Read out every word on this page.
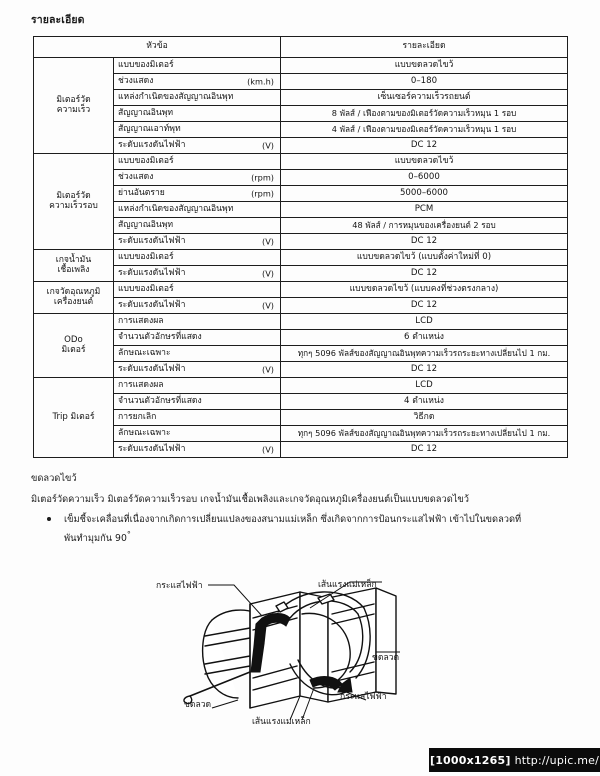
รายละเอียด
หัวข้อ		รายละเอียด
มิเตอร์วัด
ความเร็ว	แบบของมิเตอร์	แบบขดลวดไขว้
	ช่วงแสดง (km.h)	0–180
	แหล่งกำเนิดของสัญญาณอินพุท	เซ็นเซอร์ความเร็วรถยนต์
	สัญญาณอินพุท	8 พัลส์ / เฟืองตามของมิเตอร์วัดความเร็วหมุน 1 รอบ
	สัญญาณเอาท์พุท	4 พัลส์ / เฟืองตามของมิเตอร์วัดความเร็วหมุน 1 รอบ
	ระดับแรงดันไฟฟ้า (V)	DC 12
มิเตอร์วัด
ความเร็วรอบ	แบบของมิเตอร์	แบบขดลวดไขว้
	ช่วงแสดง (rpm)	0–6000
	ย่านอันตราย (rpm)	5000–6000
	แหล่งกำเนิดของสัญญาณอินพุท	PCM
	สัญญาณอินพุท	48 พัลส์ / การหมุนของเครื่องยนต์ 2 รอบ
	ระดับแรงดันไฟฟ้า (V)	DC 12
เกจน้ำมัน
เชื้อเพลิง	แบบของมิเตอร์	แบบขดลวดไขว้ (แบบตั้งค่าใหม่ที่ 0)
	ระดับแรงดันไฟฟ้า (V)	DC 12
เกจวัดอุณหภูมิ
เครื่องยนต์	แบบของมิเตอร์	แบบขดลวดไขว้ (แบบคงที่ช่วงตรงกลาง)
	ระดับแรงดันไฟฟ้า (V)	DC 12
ODo
มิเตอร์	การแสดงผล	LCD
	จำนวนตัวอักษรที่แสดง	6 ตำแหน่ง
	ลักษณะเฉพาะ	ทุกๆ 5096 พัลส์ของสัญญาณอินพุทความเร็วรถระยะทางเปลี่ยนไป 1 กม.
	ระดับแรงดันไฟฟ้า (V)	DC 12
Trip มิเตอร์	การแสดงผล	LCD
	จำนวนตัวอักษรที่แสดง	4 ตำแหน่ง
	การยกเลิก	วิธีกด
	ลักษณะเฉพาะ	ทุกๆ 5096 พัลส์ของสัญญาณอินพุทความเร็วรถระยะทางเปลี่ยนไป 1 กม.
	ระดับแรงดันไฟฟ้า (V)	DC 12
ขดลวดไขว้
มิเตอร์วัดความเร็ว มิเตอร์วัดความเร็วรอบ เกจน้ำมันเชื้อเพลิงและเกจวัดอุณหภูมิเครื่องยนต์เป็นแบบขดลวดไขว้
เข็มชี้จะเคลื่อนที่เนื่องจากเกิดการเปลี่ยนแปลงของสนามแม่เหล็ก ซึ่งเกิดจากการป้อนกระแสไฟฟ้า เข้าไปในขดลวดที่
พันทำมุมกัน 90°
กระแสไฟฟ้า	เส้นแรงแม่เหล็ก
ขดลวด
กระแสไฟฟ้า
ขดลวด
เส้นแรงแม่เหล็ก
[1000x1265] http://upic.me/
